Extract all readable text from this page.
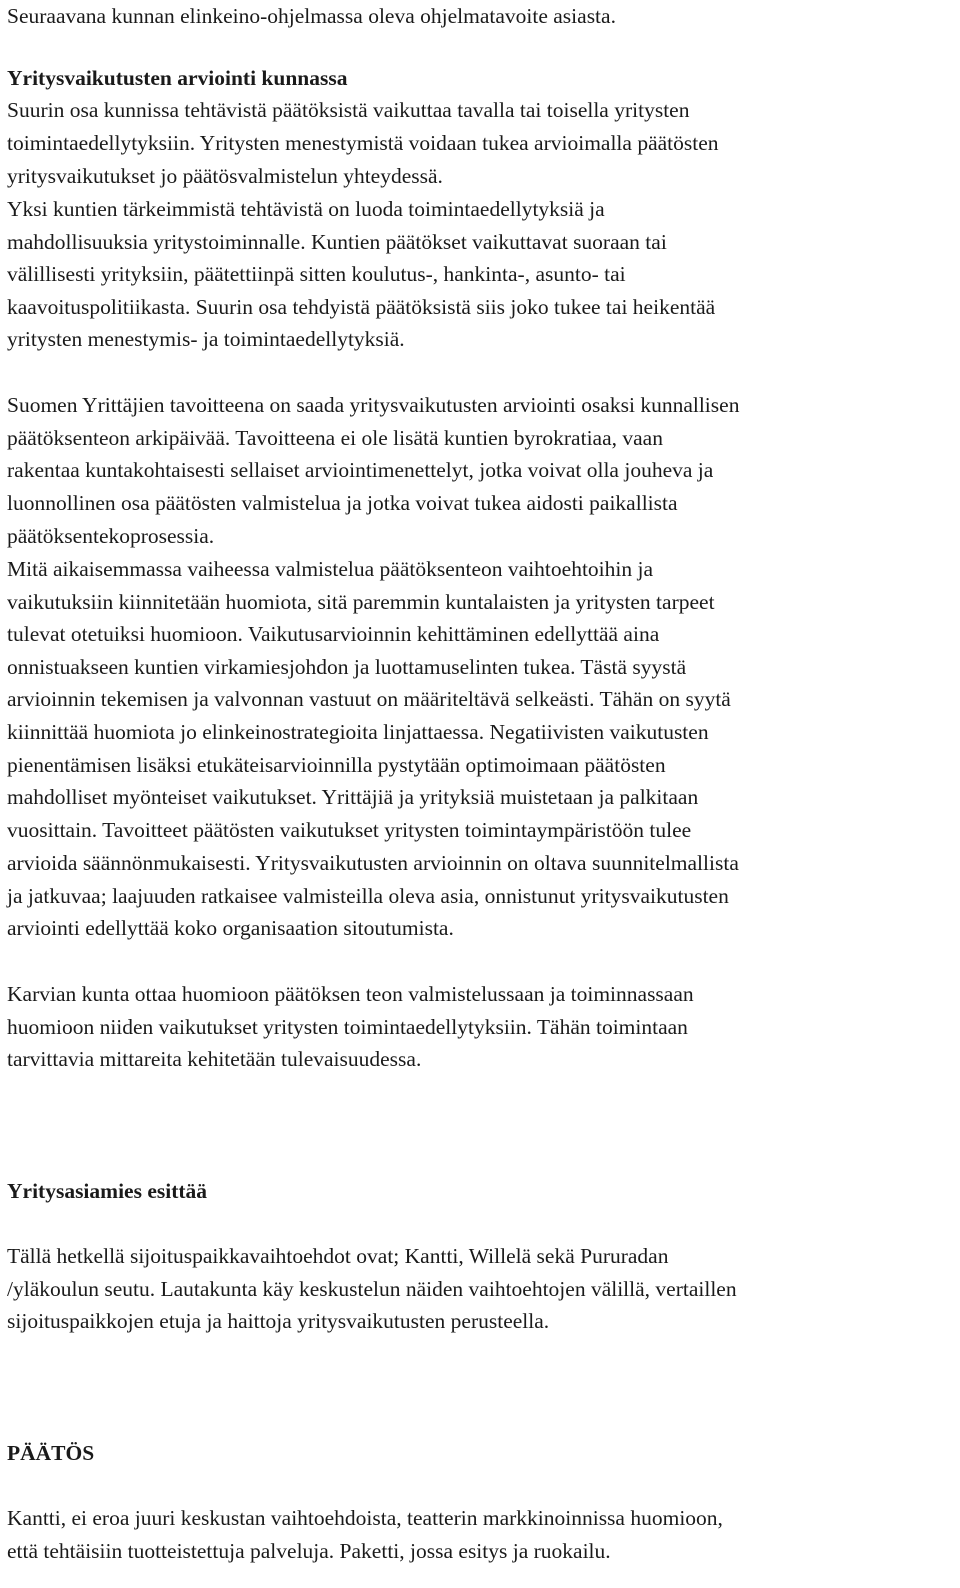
Seuraavana kunnan elinkeino-ohjelmassa oleva ohjelmatavoite asiasta.

Yritysvaikutusten arviointi kunnassa

Suurin osa kunnissa tehtävistä päätöksistä vaikuttaa tavalla tai toisella yritysten

toimintaedellytyksiin. Yritysten menestymistä voidaan tukea arvioimalla päätösten

yritysvaikutukset jo päätösvalmistelun yhteydessä.

Yksi kuntien tärkeimmistä tehtävistä on luoda toimintaedellytyksiä ja

mahdollisuuksia yritystoiminnalle. Kuntien päätökset vaikuttavat suoraan tai

välillisesti yrityksiin, päätettiinpä sitten koulutus-, hankinta-, asunto- tai

kaavoituspolitiikasta. Suurin osa tehdyistä päätöksistä siis joko tukee tai heikentää

yritysten menestymis- ja toimintaedellytyksiä.

Suomen Yrittäjien tavoitteena on saada yritysvaikutusten arviointi osaksi kunnallisen

päätöksenteon arkipäivää. Tavoitteena ei ole lisätä kuntien byrokratiaa, vaan

rakentaa kuntakohtaisesti sellaiset arviointimenettelyt, jotka voivat olla jouheva ja

luonnollinen osa päätösten valmistelua ja jotka voivat tukea aidosti paikallista

päätöksentekoprosessia.

Mitä aikaisemmassa vaiheessa valmistelua päätöksenteon vaihtoehtoihin ja

vaikutuksiin kiinnitetään huomiota, sitä paremmin kuntalaisten ja yritysten tarpeet

tulevat otetuiksi huomioon. Vaikutusarvioinnin kehittäminen edellyttää aina

onnistuakseen kuntien virkamiesjohdon ja luottamuselinten tukea. Tästä syystä

arvioinnin tekemisen ja valvonnan vastuut on määriteltävä selkeästi. Tähän on syytä

kiinnittää huomiota jo elinkeinostrategioita linjattaessa. Negatiivisten vaikutusten

pienentämisen lisäksi etukäteisarvioinnilla pystytään optimoimaan päätösten

mahdolliset myönteiset vaikutukset. Yrittäjiä ja yrityksiä muistetaan ja palkitaan

vuosittain. Tavoitteet päätösten vaikutukset yritysten toimintaympäristöön tulee

arvioida säännönmukaisesti. Yritysvaikutusten arvioinnin on oltava suunnitelmallista

ja jatkuvaa; laajuuden ratkaisee valmisteilla oleva asia, onnistunut yritysvaikutusten

arviointi edellyttää koko organisaation sitoutumista.

Karvian kunta ottaa huomioon päätöksen teon valmistelussaan ja toiminnassaan

huomioon niiden vaikutukset yritysten toimintaedellytyksiin. Tähän toimintaan

tarvittavia mittareita kehitetään tulevaisuudessa.

Yritysasiamies esittää

Tällä hetkellä sijoituspaikkavaihtoehdot ovat; Kantti, Willelä sekä Pururadan

/yläkoulun seutu. Lautakunta käy keskustelun näiden vaihtoehtojen välillä, vertaillen

sijoituspaikkojen etuja ja haittoja yritysvaikutusten perusteella.

PÄÄTÖS

Kantti, ei eroa juuri keskustan vaihtoehdoista, teatterin markkinoinnissa huomioon,

että tehtäisiin tuotteistettuja palveluja. Paketti, jossa esitys ja ruokailu.
